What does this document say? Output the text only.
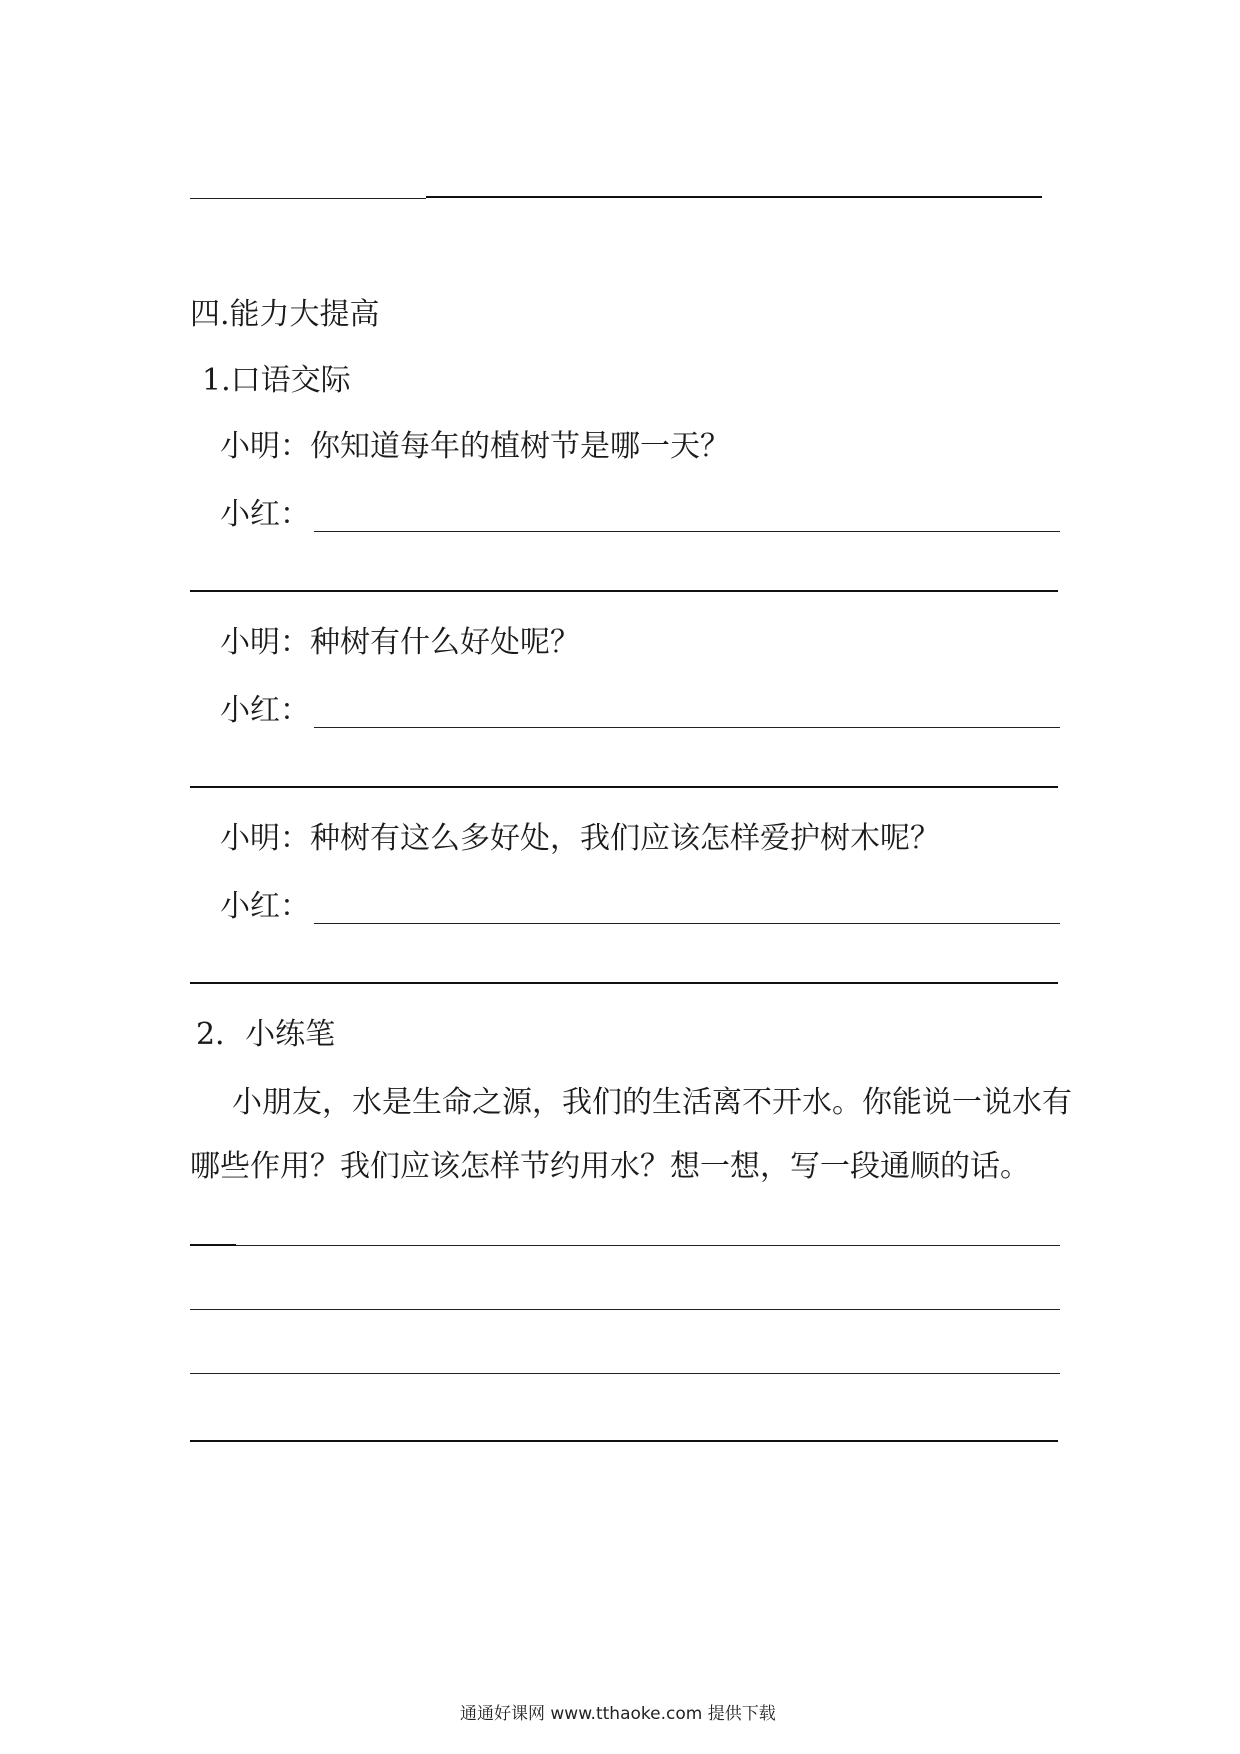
四.能力大提高
1.口语交际
小明：你知道每年的植树节是哪一天？
小红：
小明：种树有什么好处呢？
小红：
小明：种树有这么多好处，我们应该怎样爱护树木呢？
小红：
2．小练笔
小朋友，水是生命之源，我们的生活离不开水。你能说一说水有
哪些作用？我们应该怎样节约用水？想一想，写一段通顺的话。
通通好课网 www.tthaoke.com 提供下载
